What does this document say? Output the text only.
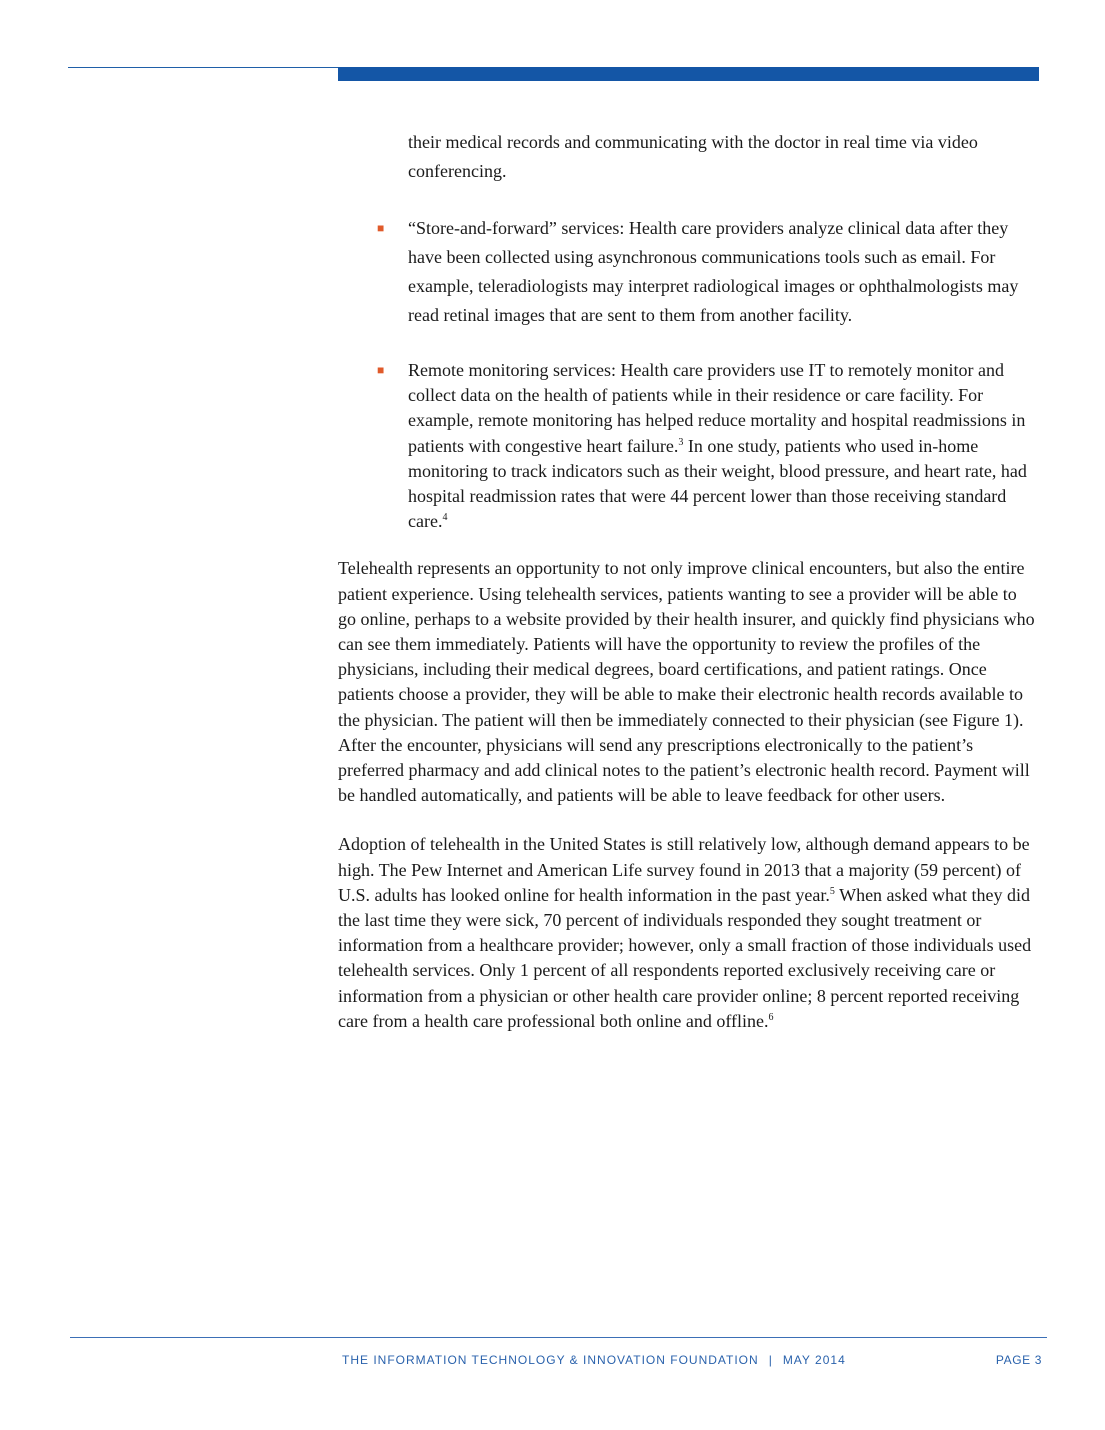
their medical records and communicating with the doctor in real time via video conferencing.

■ “Store-and-forward” services: Health care providers analyze clinical data after they have been collected using asynchronous communications tools such as email. For example, teleradiologists may interpret radiological images or ophthalmologists may read retinal images that are sent to them from another facility.
■ Remote monitoring services: Health care providers use IT to remotely monitor and collect data on the health of patients while in their residence or care facility. For example, remote monitoring has helped reduce mortality and hospital readmissions in patients with congestive heart failure.$^3$ In one study, patients who used in-home monitoring to track indicators such as their weight, blood pressure, and heart rate, had hospital readmission rates that were 44 percent lower than those receiving standard care.$^4$

Telehealth represents an opportunity to not only improve clinical encounters, but also the entire patient experience. Using telehealth services, patients wanting to see a provider will be able to go online, perhaps to a website provided by their health insurer, and quickly find physicians who can see them immediately. Patients will have the opportunity to review the profiles of the physicians, including their medical degrees, board certifications, and patient ratings. Once patients choose a provider, they will be able to make their electronic health records available to the physician. The patient will then be immediately connected to their physician (see Figure 1). After the encounter, physicians will send any prescriptions electronically to the patient’s preferred pharmacy and add clinical notes to the patient’s electronic health record. Payment will be handled automatically, and patients will be able to leave feedback for other users.

Adoption of telehealth in the United States is still relatively low, although demand appears to be high. The Pew Internet and American Life survey found in 2013 that a majority (59 percent) of U.S. adults has looked online for health information in the past year.$^5$ When asked what they did the last time they were sick, 70 percent of individuals responded they sought treatment or information from a healthcare provider; however, only a small fraction of those individuals used telehealth services. Only 1 percent of all respondents reported exclusively receiving care or information from a physician or other health care provider online; 8 percent reported receiving care from a health care professional both online and offline.$^6$

THE INFORMATION TECHNOLOGY & INNOVATION FOUNDATION | MAY 2014	PAGE 3
